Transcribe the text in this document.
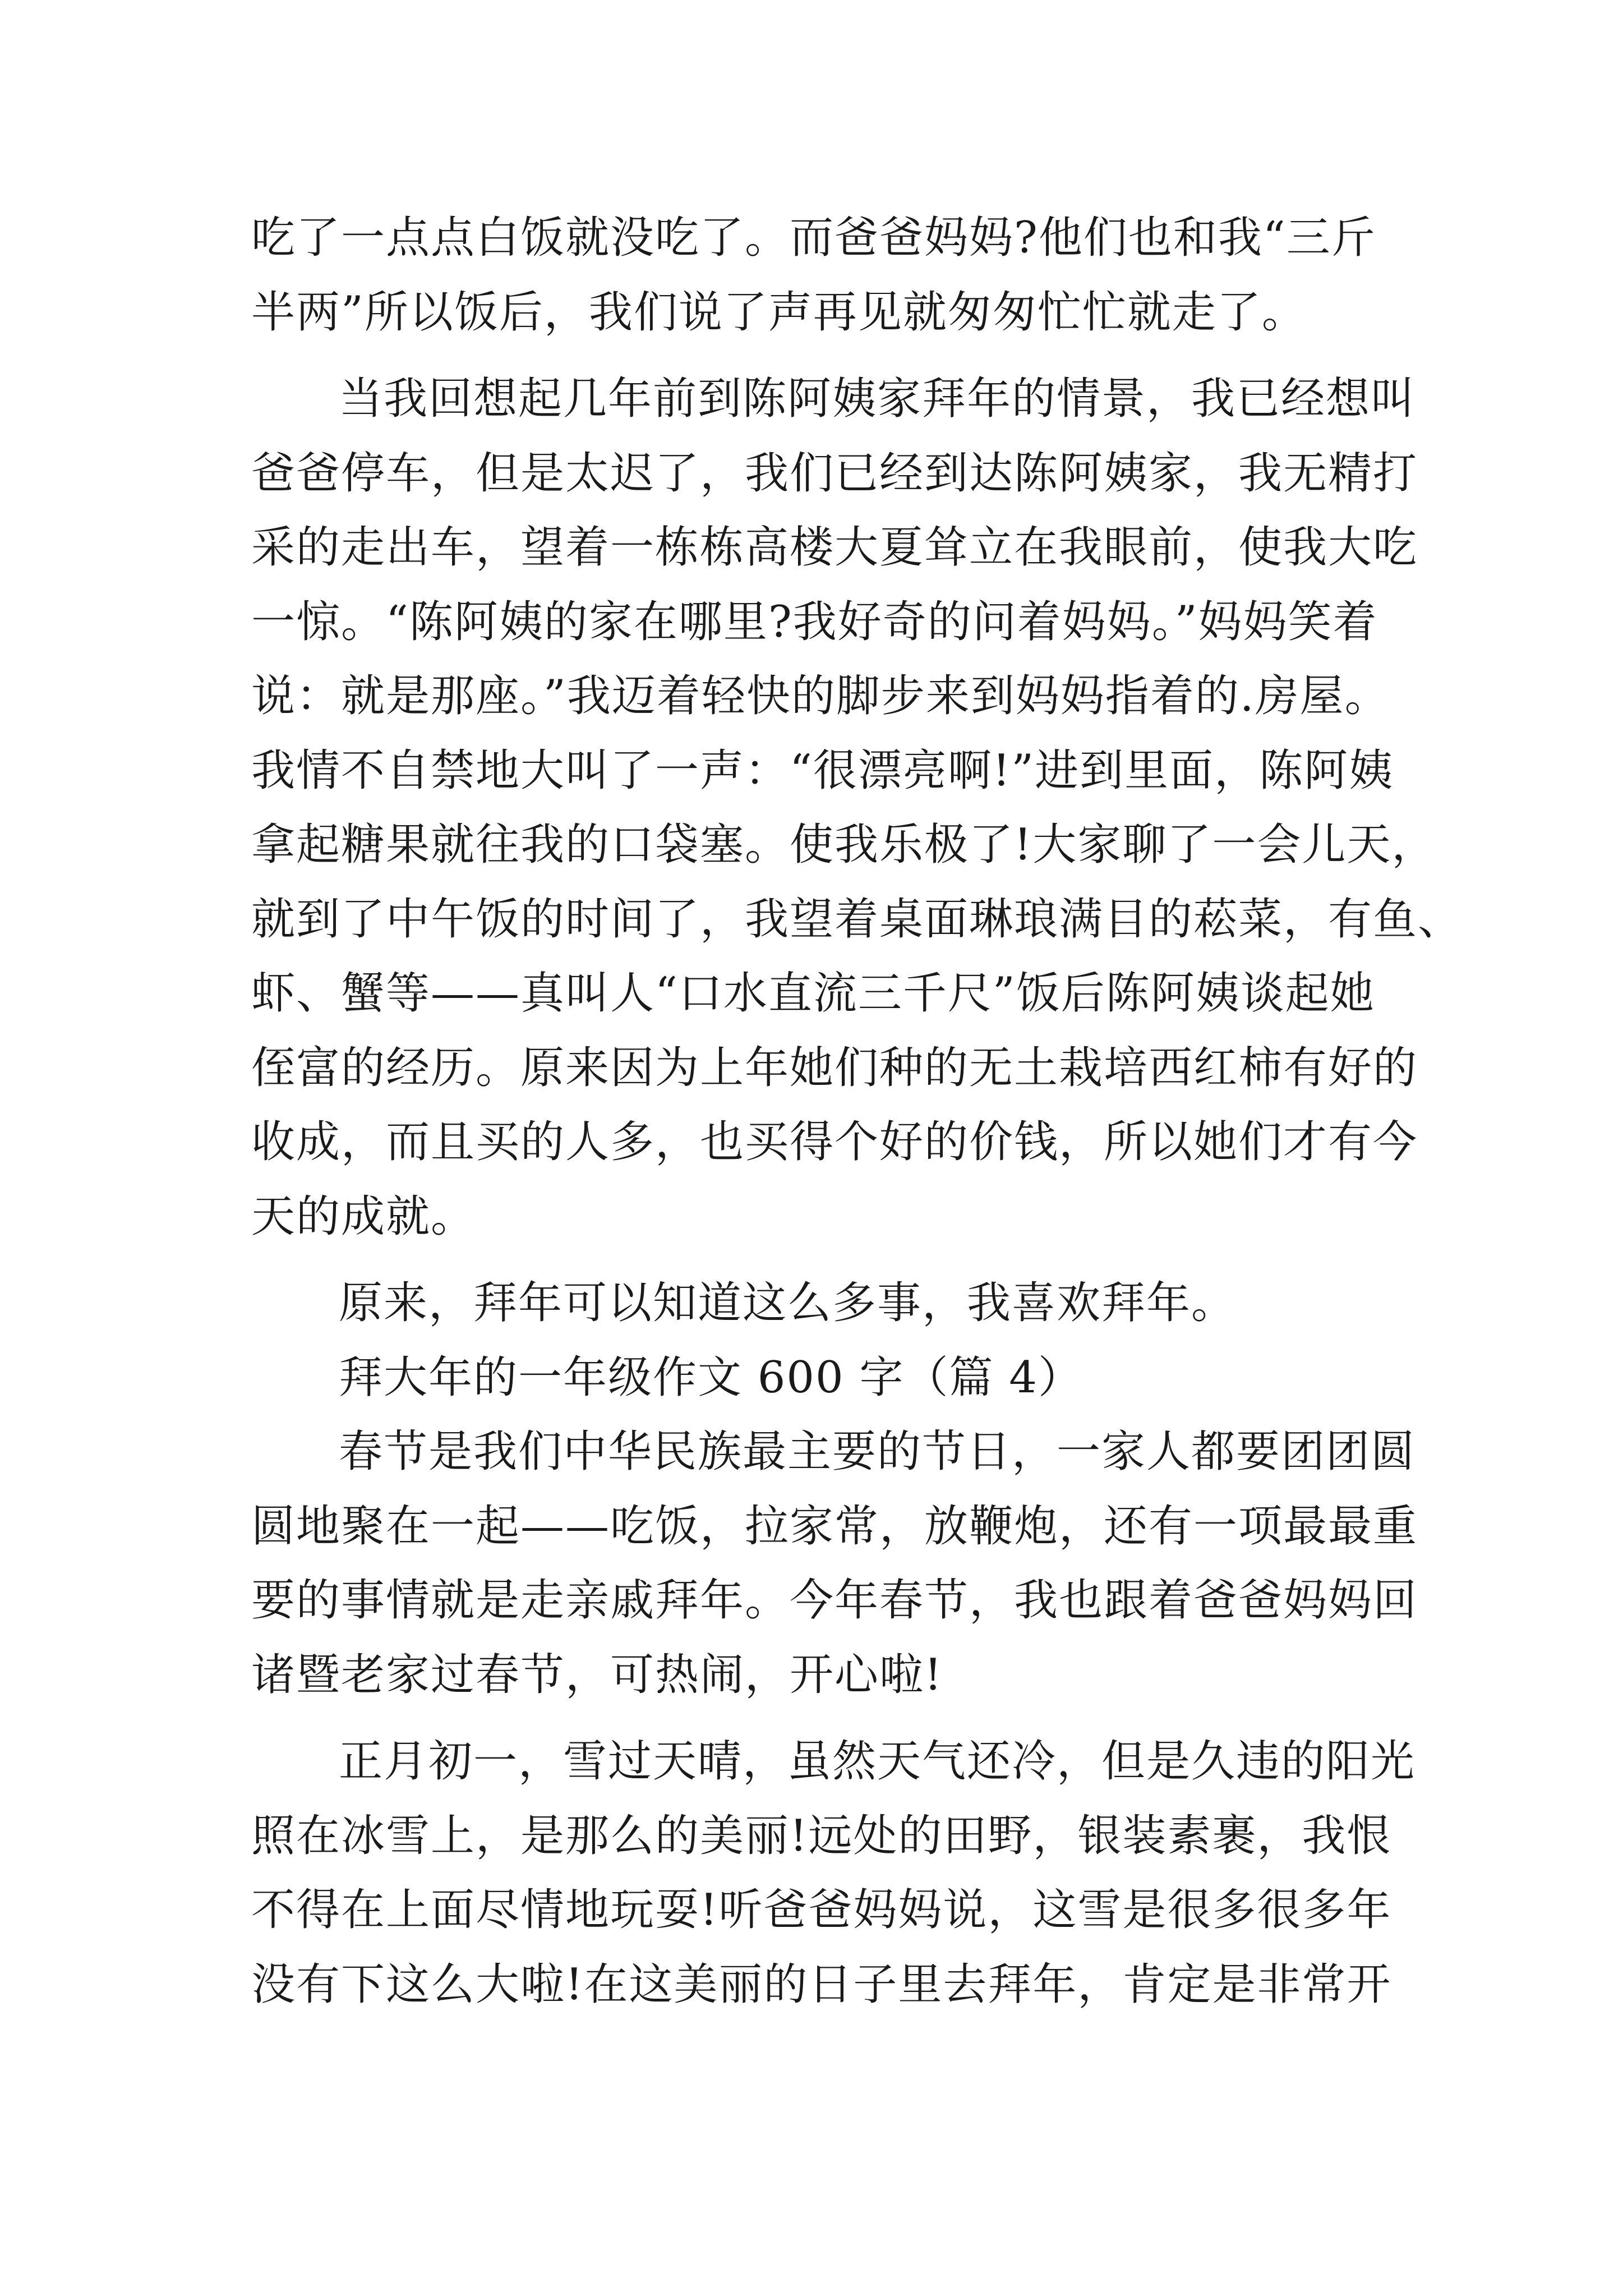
吃了一点点白饭就没吃了。而爸爸妈妈?他们也和我“三斤
半两”所以饭后，我们说了声再见就匆匆忙忙就走了。
当我回想起几年前到陈阿姨家拜年的情景，我已经想叫
爸爸停车，但是太迟了，我们已经到达陈阿姨家，我无精打
采的走出车，望着一栋栋高楼大夏耸立在我眼前，使我大吃
一惊。“陈阿姨的家在哪里?我好奇的问着妈妈。”妈妈笑着
说：就是那座。”我迈着轻快的脚步来到妈妈指着的.房屋。
我情不自禁地大叫了一声：“很漂亮啊!”进到里面，陈阿姨
拿起糖果就往我的口袋塞。使我乐极了!大家聊了一会儿天，
就到了中午饭的时间了，我望着桌面琳琅满目的菘菜，有鱼、
虾、蟹等——真叫人“口水直流三千尺”饭后陈阿姨谈起她
侄富的经历。原来因为上年她们种的无土栽培西红柿有好的
收成，而且买的人多，也买得个好的价钱，所以她们才有今
天的成就。
原来，拜年可以知道这么多事，我喜欢拜年。
拜大年的一年级作文 600 字（篇 4）
春节是我们中华民族最主要的节日，一家人都要团团圆
圆地聚在一起——吃饭，拉家常，放鞭炮，还有一项最最重
要的事情就是走亲戚拜年。今年春节，我也跟着爸爸妈妈回
诸暨老家过春节，可热闹，开心啦!
正月初一，雪过天晴，虽然天气还冷，但是久违的阳光
照在冰雪上，是那么的美丽!远处的田野，银装素裹，我恨
不得在上面尽情地玩耍!听爸爸妈妈说，这雪是很多很多年
没有下这么大啦!在这美丽的日子里去拜年，肯定是非常开
